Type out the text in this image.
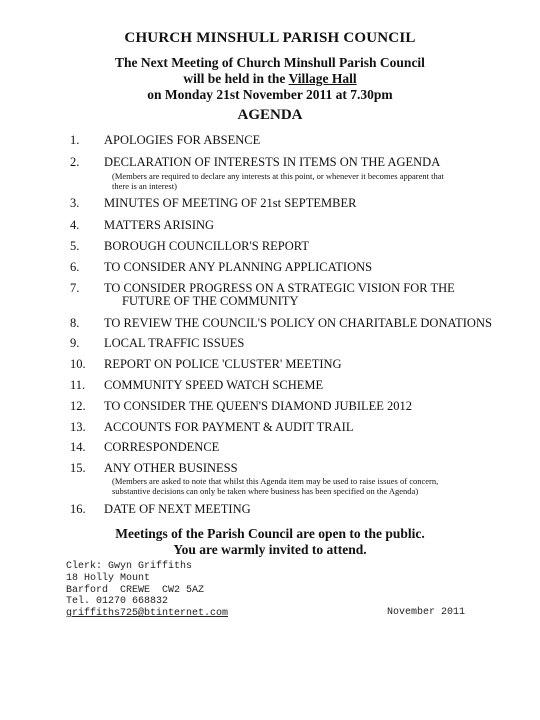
CHURCH MINSHULL PARISH COUNCIL
The Next Meeting of Church Minshull Parish Council
will be held in the Village Hall
on Monday 21st November 2011 at 7.30pm
AGENDA
1. APOLOGIES FOR ABSENCE
2. DECLARATION OF INTERESTS IN ITEMS ON THE AGENDA
(Members are required to declare any interests at this point, or whenever it becomes apparent that there is an interest)
3. MINUTES OF MEETING OF 21st SEPTEMBER
4. MATTERS ARISING
5. BOROUGH COUNCILLOR'S REPORT
6. TO CONSIDER ANY PLANNING APPLICATIONS
7. TO CONSIDER PROGRESS ON A STRATEGIC VISION FOR THE
FUTURE OF THE COMMUNITY
8. TO REVIEW THE COUNCIL'S POLICY ON CHARITABLE DONATIONS
9. LOCAL TRAFFIC ISSUES
10. REPORT ON POLICE 'CLUSTER' MEETING
11. COMMUNITY SPEED WATCH SCHEME
12. TO CONSIDER THE QUEEN'S DIAMOND JUBILEE 2012
13. ACCOUNTS FOR PAYMENT & AUDIT TRAIL
14. CORRESPONDENCE
15. ANY OTHER BUSINESS
(Members are asked to note that whilst this Agenda item may be used to raise issues of concern, substantive decisions can only be taken where business has been specified on the Agenda)
16. DATE OF NEXT MEETING
Meetings of the Parish Council are open to the public.
You are warmly invited to attend.
Clerk: Gwyn Griffiths
18 Holly Mount
Barford  CREWE  CW2 5AZ
Tel. 01270 668832
griffiths725@btinternet.com	November 2011
